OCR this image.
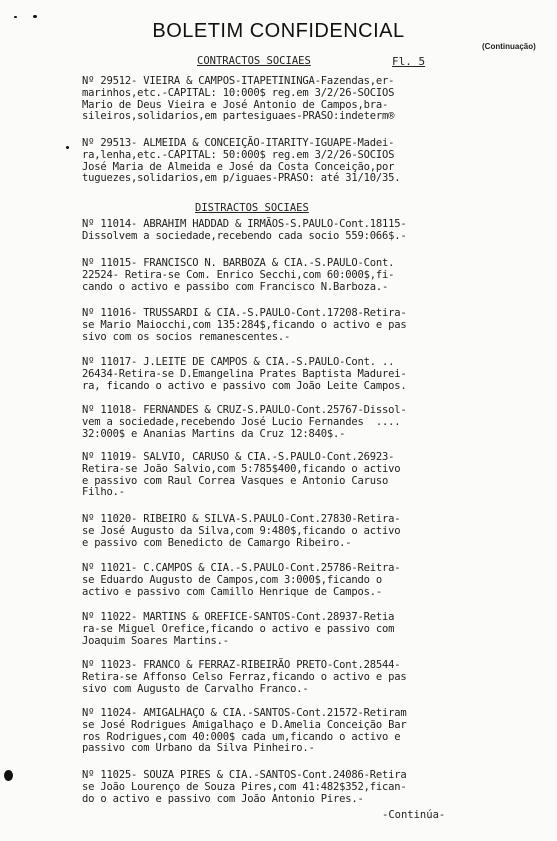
BOLETIM CONFIDENCIAL
(Continuação)
CONTRACTOS SOCIAES	Fl. 5
DISTRACTOS SOCIAES
Nº 29512- VIEIRA & CAMPOS-ITAPETININGA-Fazendas,er-
marinhos,etc.-CAPITAL: 10:000$ reg.em 3/2/26-SOCIOS
Mario de Deus Vieira e José Antonio de Campos,bra-
sileiros,solidarios,em partesiguaes-PRASO:indeterm®
Nº 29513- ALMEIDA & CONCEIÇÃO-ITARITY-IGUAPE-Madei-
ra,lenha,etc.-CAPITAL: 50:000$ reg.em 3/2/26-SOCIOS
José Maria de Almeida e José da Costa Conceição,por
tuguezes,solidarios,em p/iguaes-PRASO: até 31/10/35.
Nº 11014- ABRAHIM HADDAD & IRMÃOS-S.PAULO-Cont.18115-
Dissolvem a sociedade,recebendo cada socio 559:066$.-
Nº 11015- FRANCISCO N. BARBOZA & CIA.-S.PAULO-Cont.
22524- Retira-se Com. Enrico Secchi,com 60:000$,fi-
cando o activo e passibo com Francisco N.Barboza.-
Nº 11016- TRUSSARDI & CIA.-S.PAULO-Cont.17208-Retira-
se Mario Maiocchi,com 135:284$,ficando o activo e pas
sivo com os socios remanescentes.-
Nº 11017- J.LEITE DE CAMPOS & CIA.-S.PAULO-Cont. ..
26434-Retira-se D.Emangelina Prates Baptista Madurei-
ra, ficando o activo e passivo com João Leite Campos.
Nº 11018- FERNANDES & CRUZ-S.PAULO-Cont.25767-Dissol-
vem a sociedade,recebendo José Lucio Fernandes  ....
32:000$ e Ananias Martins da Cruz 12:840$.-
Nº 11019- SALVIO, CARUSO & CIA.-S.PAULO-Cont.26923-
Retira-se João Salvio,com 5:785$400,ficando o activo
e passivo com Raul Correa Vasques e Antonio Caruso
Filho.-
Nº 11020- RIBEIRO & SILVA-S.PAULO-Cont.27830-Retira-
se José Augusto da Silva,com 9:480$,ficando o activo
e passivo com Benedicto de Camargo Ribeiro.-
Nº 11021- C.CAMPOS & CIA.-S.PAULO-Cont.25786-Reitra-
se Eduardo Augusto de Campos,com 3:000$,ficando o
activo e passivo com Camillo Henrique de Campos.-
Nº 11022- MARTINS & OREFICE-SANTOS-Cont.28937-Retia
ra-se Miguel Orefice,ficando o activo e passivo com
Joaquim Soares Martins.-
Nº 11023- FRANCO & FERRAZ-RIBEIRÃO PRETO-Cont.28544-
Retira-se Affonso Celso Ferraz,ficando o activo e pas
sivo com Augusto de Carvalho Franco.-
Nº 11024- AMIGALHAÇO & CIA.-SANTOS-Cont.21572-Retiram
se José Rodrigues Amigalhaço e D.Amelia Conceição Bar
ros Rodrigues,com 40:000$ cada um,ficando o activo e
passivo com Urbano da Silva Pinheiro.-
Nº 11025- SOUZA PIRES & CIA.-SANTOS-Cont.24086-Retira
se João Lourenço de Souza Pires,com 41:482$352,fican-
do o activo e passivo com João Antonio Pires.-
-Continúa-
